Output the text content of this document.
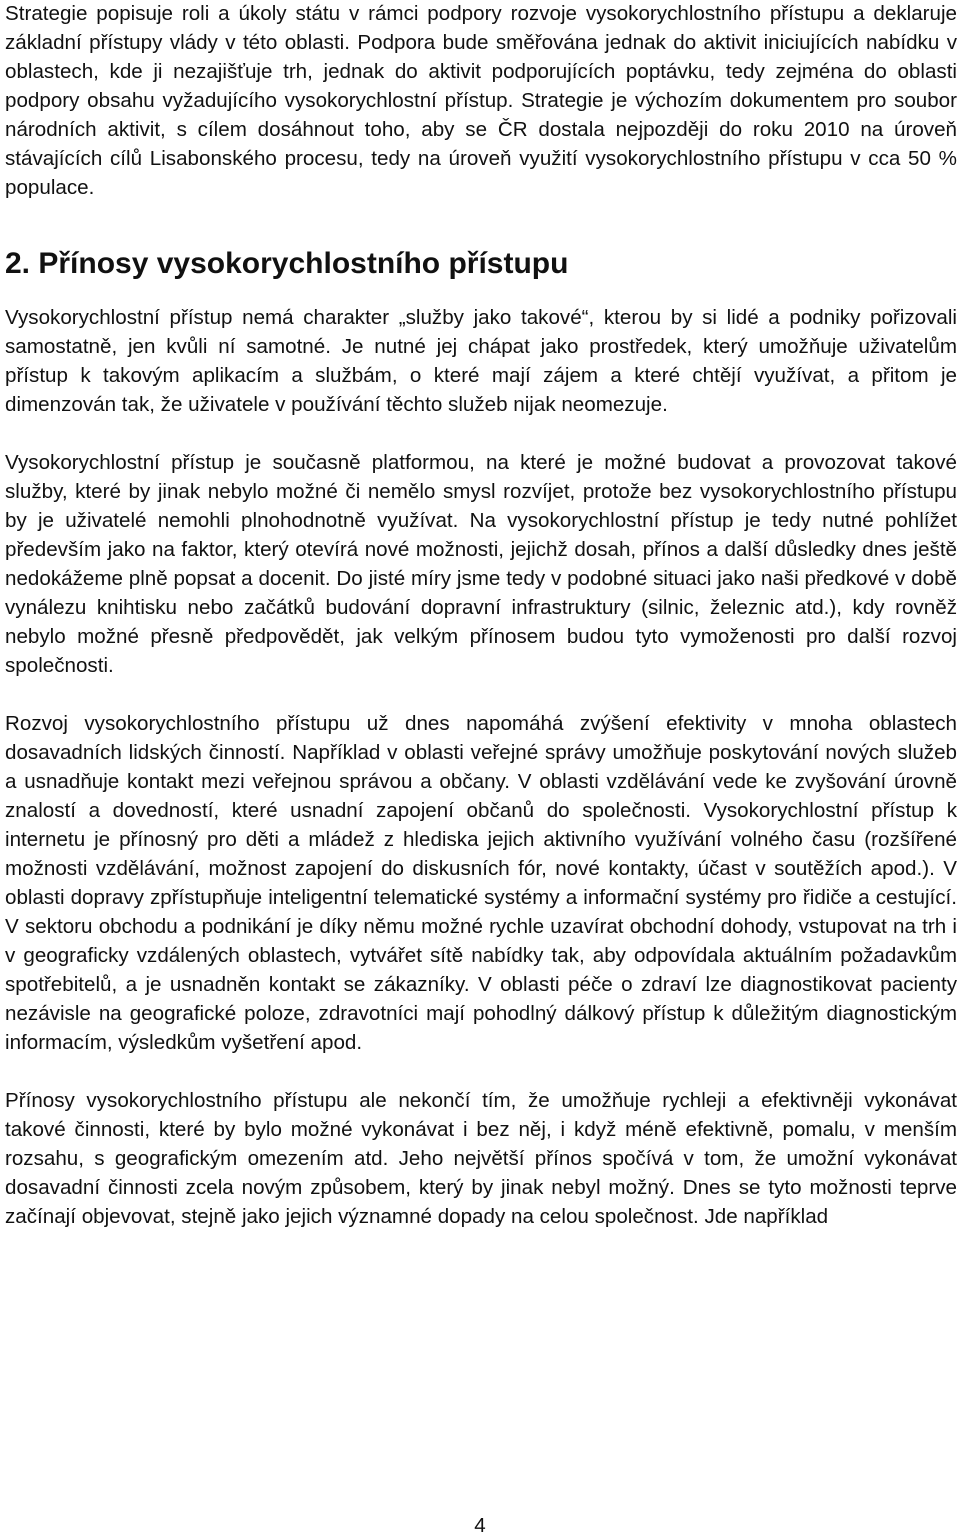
Strategie popisuje roli a úkoly státu v rámci podpory rozvoje vysokorychlostního přístupu a deklaruje základní přístupy vlády v této oblasti. Podpora bude směřována jednak do aktivit iniciujících nabídku v oblastech, kde ji nezajišťuje trh, jednak do aktivit podporujících poptávku, tedy zejména do oblasti podpory obsahu vyžadujícího vysokorychlostní přístup. Strategie je výchozím dokumentem pro soubor národních aktivit, s cílem dosáhnout toho, aby se ČR dostala nejpozději do roku 2010 na úroveň stávajících cílů Lisabonského procesu, tedy na úroveň využití vysokorychlostního přístupu v cca 50 % populace.

2. Přínosy vysokorychlostního přístupu

Vysokorychlostní přístup nemá charakter „služby jako takové“, kterou by si lidé a podniky pořizovali samostatně, jen kvůli ní samotné. Je nutné jej chápat jako prostředek, který umožňuje uživatelům přístup k takovým aplikacím a službám, o které mají zájem a které chtějí využívat, a přitom je dimenzován tak, že uživatele v používání těchto služeb nijak neomezuje.

Vysokorychlostní přístup je současně platformou, na které je možné budovat a provozovat takové služby, které by jinak nebylo možné či nemělo smysl rozvíjet, protože bez vysokorychlostního přístupu by je uživatelé nemohli plnohodnotně využívat. Na vysokorychlostní přístup je tedy nutné pohlížet především jako na faktor, který otevírá nové možnosti, jejichž dosah, přínos a další důsledky dnes ještě nedokážeme plně popsat a docenit. Do jisté míry jsme tedy v podobné situaci jako naši předkové v době vynálezu knihtisku nebo začátků budování dopravní infrastruktury (silnic, železnic atd.), kdy rovněž nebylo možné přesně předpovědět, jak velkým přínosem budou tyto vymoženosti pro další rozvoj společnosti.

Rozvoj vysokorychlostního přístupu už dnes napomáhá zvýšení efektivity v mnoha oblastech dosavadních lidských činností. Například v oblasti veřejné správy umožňuje poskytování nových služeb a usnadňuje kontakt mezi veřejnou správou a občany. V oblasti vzdělávání vede ke zvyšování úrovně znalostí a dovedností, které usnadní zapojení občanů do společnosti. Vysokorychlostní přístup k internetu je přínosný pro děti a mládež z hlediska jejich aktivního využívání volného času (rozšířené možnosti vzdělávání, možnost zapojení do diskusních fór, nové kontakty, účast v soutěžích apod.). V oblasti dopravy zpřístupňuje inteligentní telematické systémy a informační systémy pro řidiče a cestující. V sektoru obchodu a podnikání je díky němu možné rychle uzavírat obchodní dohody, vstupovat na trh i v geograficky vzdálených oblastech, vytvářet sítě nabídky tak, aby odpovídala aktuálním požadavkům spotřebitelů, a je usnadněn kontakt se zákazníky. V oblasti péče o zdraví lze diagnostikovat pacienty nezávisle na geografické poloze, zdravotníci mají pohodlný dálkový přístup k důležitým diagnostickým informacím, výsledkům vyšetření apod.

Přínosy vysokorychlostního přístupu ale nekončí tím, že umožňuje rychleji a efektivněji vykonávat takové činnosti, které by bylo možné vykonávat i bez něj, i když méně efektivně, pomalu, v menším rozsahu, s geografickým omezením atd. Jeho největší přínos spočívá v tom, že umožní vykonávat dosavadní činnosti zcela novým způsobem, který by jinak nebyl možný. Dnes se tyto možnosti teprve začínají objevovat, stejně jako jejich významné dopady na celou společnost. Jde například

4
